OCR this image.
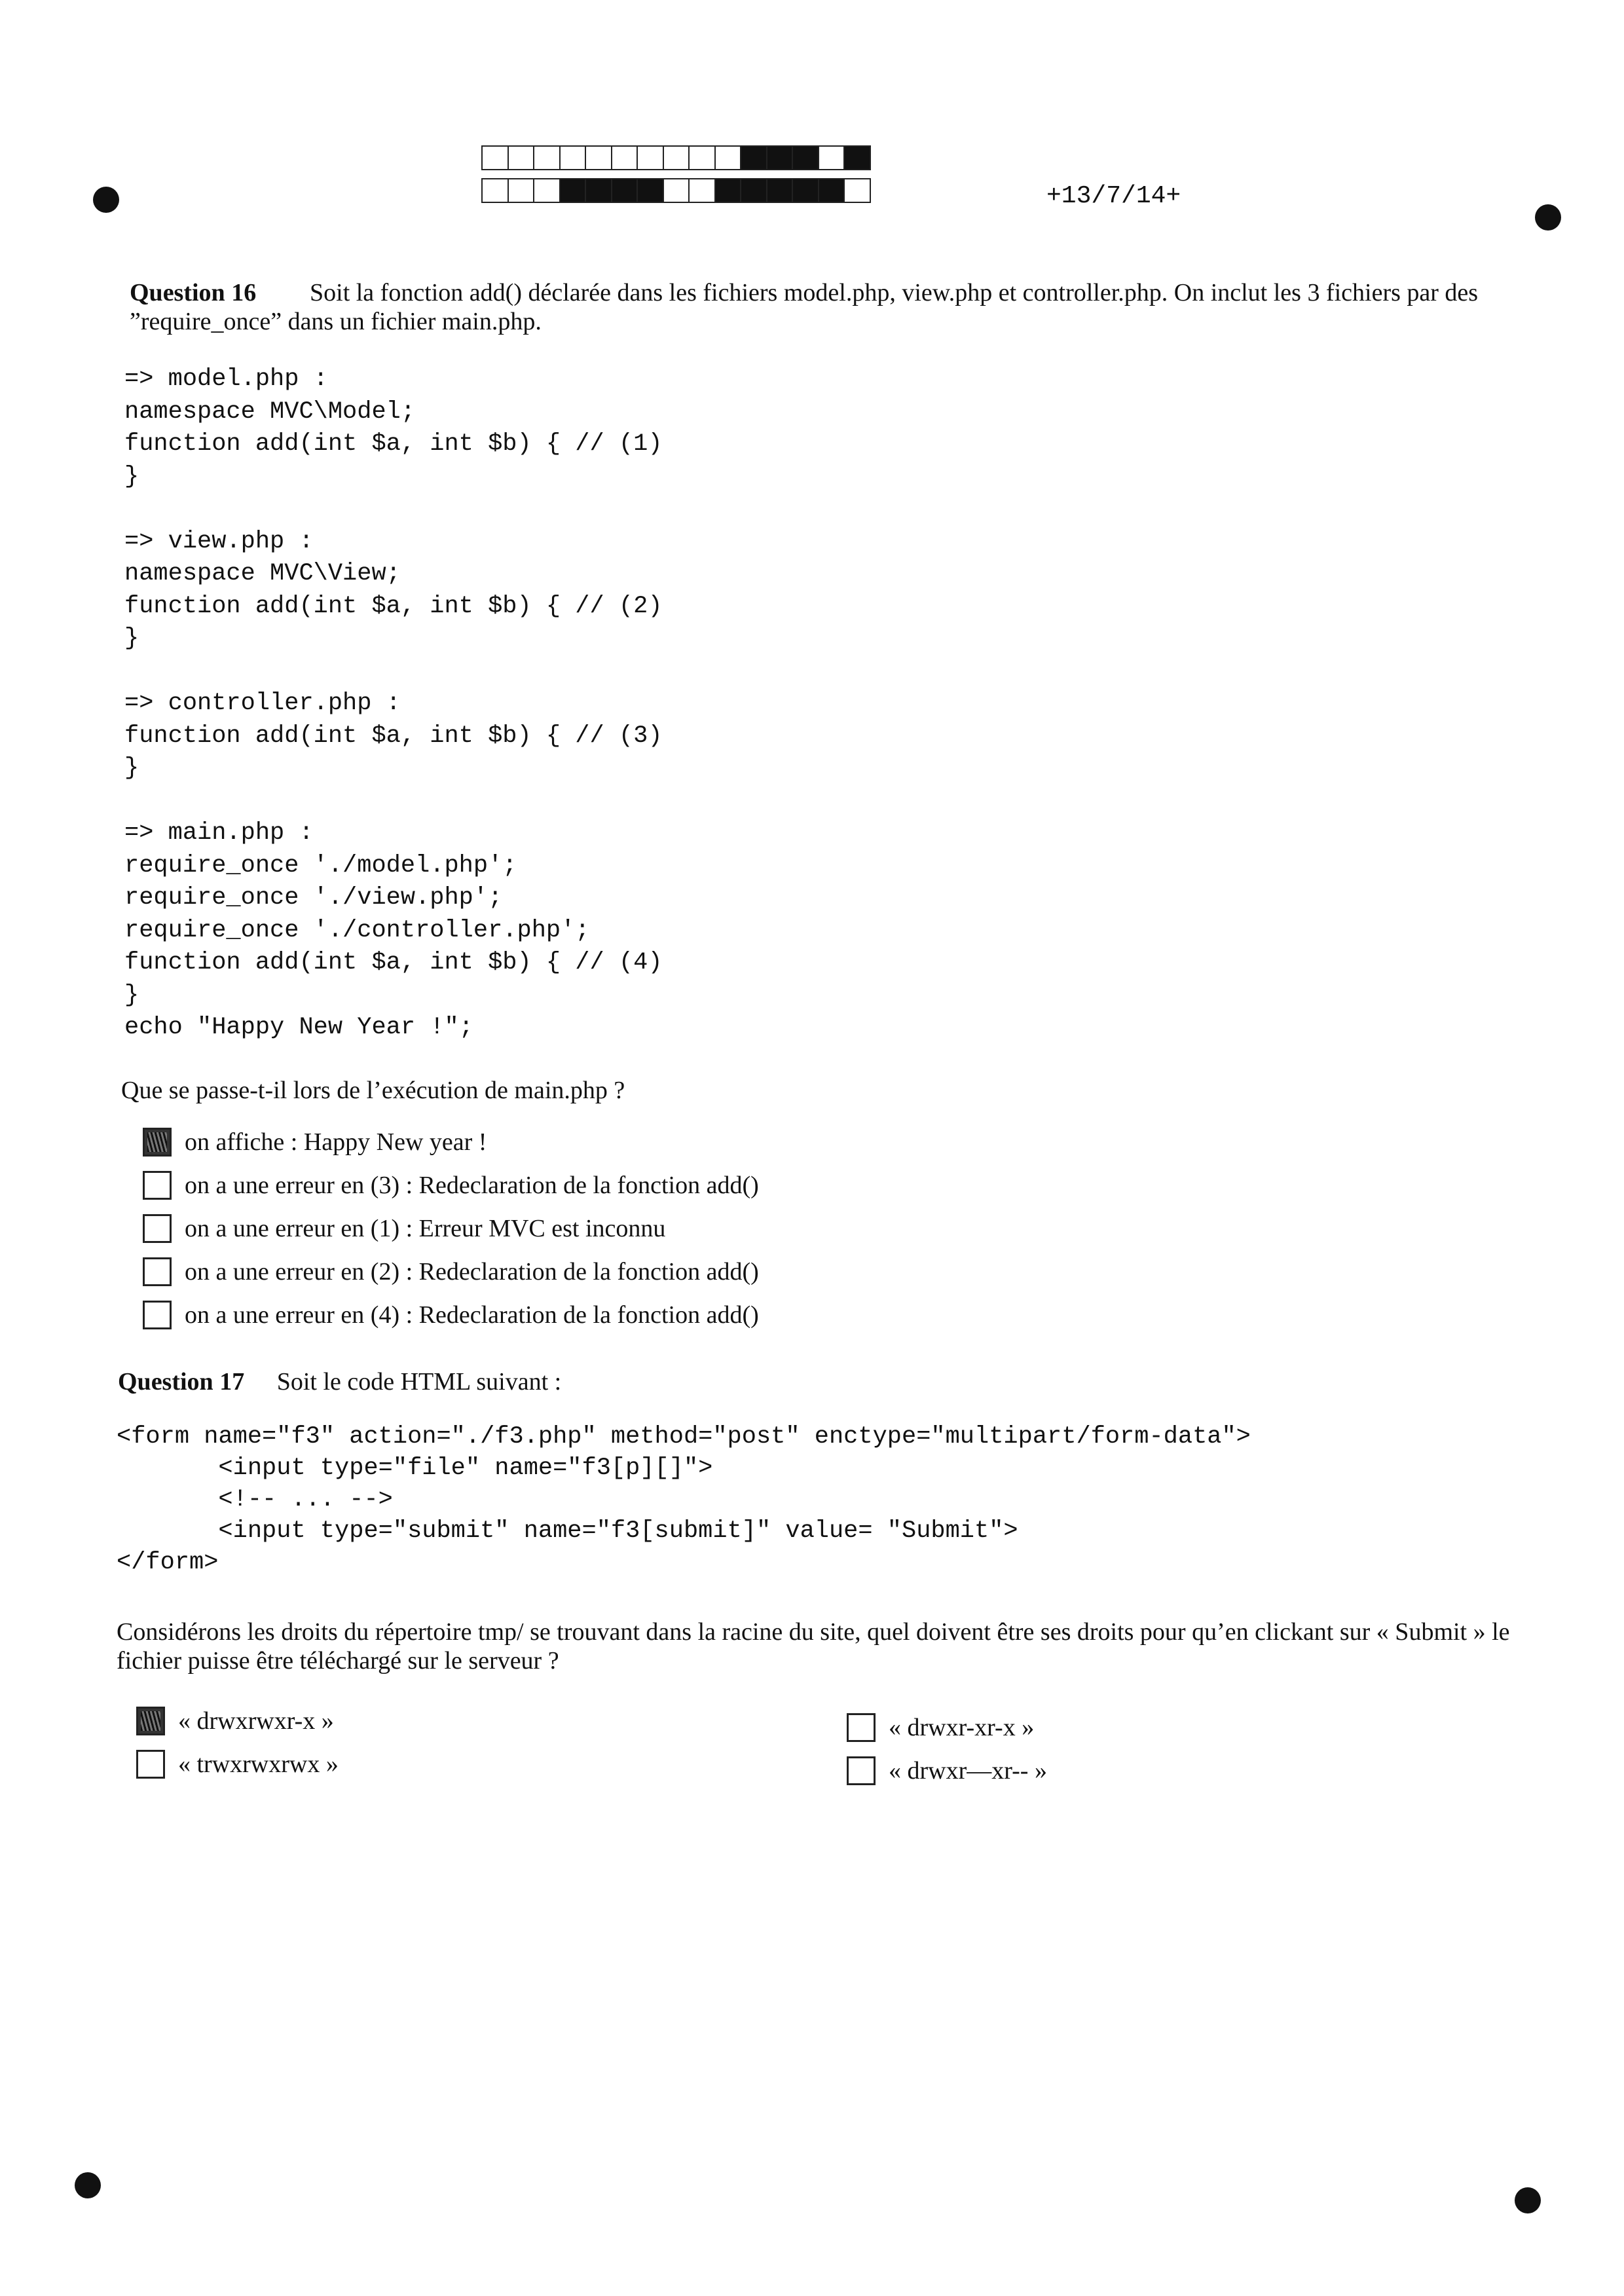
+13/7/14+
Question 16	Soit la fonction add() déclarée dans les fichiers model.php, view.php et controller.php. On inclut les 3 fichiers par des ”require_once” dans un fichier main.php.
=> model.php :
namespace MVC\Model;
function add(int $a, int $b) { // (1)
}

=> view.php :
namespace MVC\View;
function add(int $a, int $b) { // (2)
}

=> controller.php :
function add(int $a, int $b) { // (3)
}

=> main.php :
require_once './model.php';
require_once './view.php';
require_once './controller.php';
function add(int $a, int $b) { // (4)
}
echo "Happy New Year !";
Que se passe-t-il lors de l’exécution de main.php ?
on affiche : Happy New year !
on a une erreur en (3) : Redeclaration de la fonction add()
on a une erreur en (1) : Erreur MVC est inconnu
on a une erreur en (2) : Redeclaration de la fonction add()
on a une erreur en (4) : Redeclaration de la fonction add()
Question 17 Soit le code HTML suivant :
<form name="f3" action="./f3.php" method="post" enctype="multipart/form-data">
<input type="file" name="f3[p][]">
<!-- ... -->
<input type="submit" name="f3[submit]" value= "Submit">
</form>
Considérons les droits du répertoire tmp/ se trouvant dans la racine du site, quel doivent être ses droits pour qu’en clickant sur « Submit » le fichier puisse être téléchargé sur le serveur ?
« drwxrwxr-x »
« trwxrwxrwx »
« drwxr-xr-x »
« drwxr—xr-- »
